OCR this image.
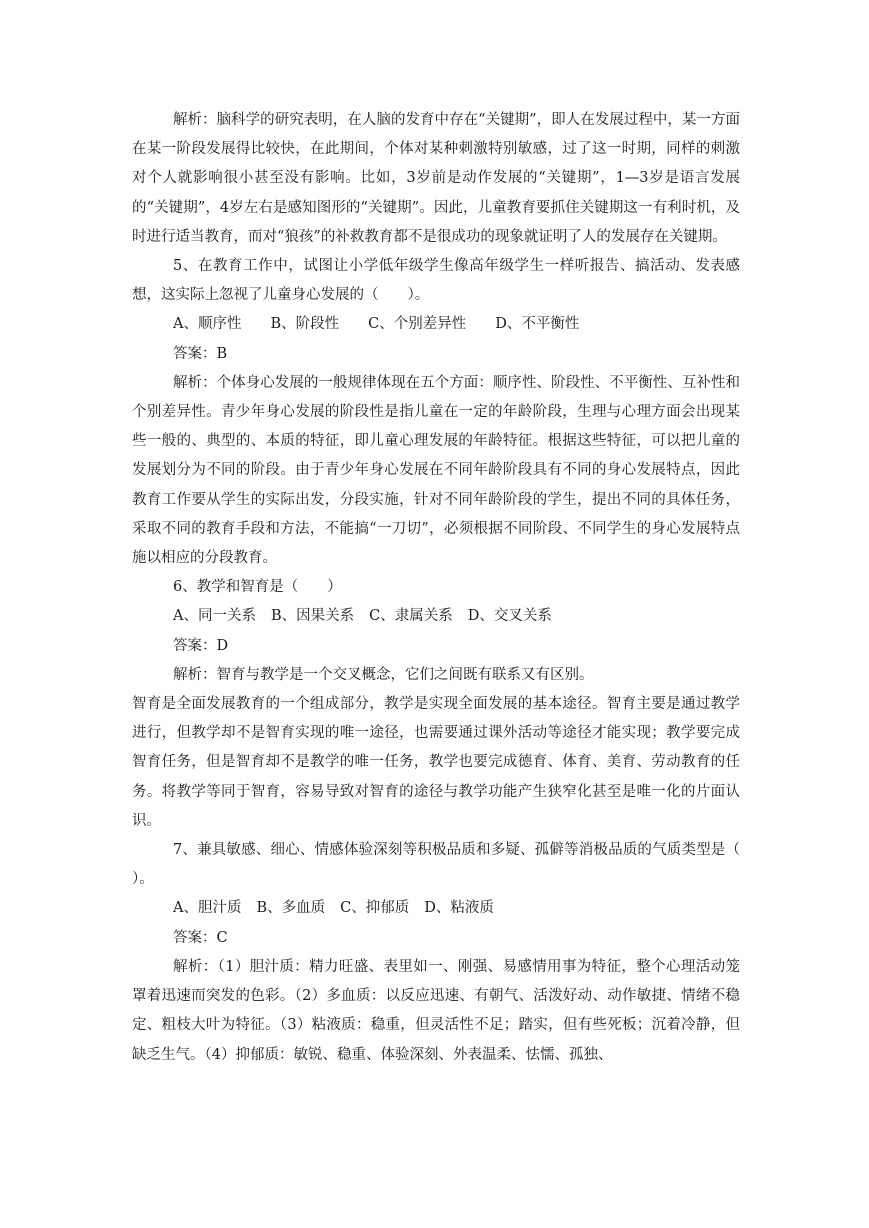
解析：脑科学的研究表明，在人脑的发育中存在“关键期”，即人在发展过程中，某一方面在某一阶段发展得比较快，在此期间，个体对某种刺激特别敏感，过了这一时期，同样的刺激对个人就影响很小甚至没有影响。比如，3岁前是动作发展的“关键期”，1—3岁是语言发展的“关键期”，4岁左右是感知图形的“关键期”。因此，儿童教育要抓住关键期这一有利时机，及时进行适当教育，而对“狼孩”的补救教育都不是很成功的现象就证明了人的发展存在关键期。

5、在教育工作中，试图让小学低年级学生像高年级学生一样听报告、搞活动、发表感想，这实际上忽视了儿童身心发展的（　　）。

A、顺序性 B、阶段性 C、个别差异性 D、不平衡性

答案：B

解析：个体身心发展的一般规律体现在五个方面：顺序性、阶段性、不平衡性、互补性和个别差异性。青少年身心发展的阶段性是指儿童在一定的年龄阶段，生理与心理方面会出现某些一般的、典型的、本质的特征，即儿童心理发展的年龄特征。根据这些特征，可以把儿童的发展划分为不同的阶段。由于青少年身心发展在不同年龄阶段具有不同的身心发展特点，因此教育工作要从学生的实际出发，分段实施，针对不同年龄阶段的学生，提出不同的具体任务，采取不同的教育手段和方法，不能搞“一刀切”，必须根据不同阶段、不同学生的身心发展特点施以相应的分段教育。

6、教学和智育是（　　）

A、同一关系 B、因果关系 C、隶属关系 D、交叉关系

答案：D

解析：智育与教学是一个交叉概念，它们之间既有联系又有区别。

智育是全面发展教育的一个组成部分，教学是实现全面发展的基本途径。智育主要是通过教学进行，但教学却不是智育实现的唯一途径，也需要通过课外活动等途径才能实现；教学要完成智育任务，但是智育却不是教学的唯一任务，教学也要完成德育、体育、美育、劳动教育的任务。将教学等同于智育，容易导致对智育的途径与教学功能产生狭窄化甚至是唯一化的片面认识。

7、兼具敏感、细心、情感体验深刻等积极品质和多疑、孤僻等消极品质的气质类型是（　　）。

A、胆汁质 B、多血质 C、抑郁质 D、粘液质

答案：C

解析：（1）胆汁质：精力旺盛、表里如一、刚强、易感情用事为特征，整个心理活动笼罩着迅速而突发的色彩。（2）多血质：以反应迅速、有朝气、活泼好动、动作敏捷、情绪不稳定、粗枝大叶为特征。（3）粘液质：稳重，但灵活性不足；踏实，但有些死板；沉着冷静，但缺乏生气。（4）抑郁质：敏锐、稳重、体验深刻、外表温柔、怯懦、孤独、
